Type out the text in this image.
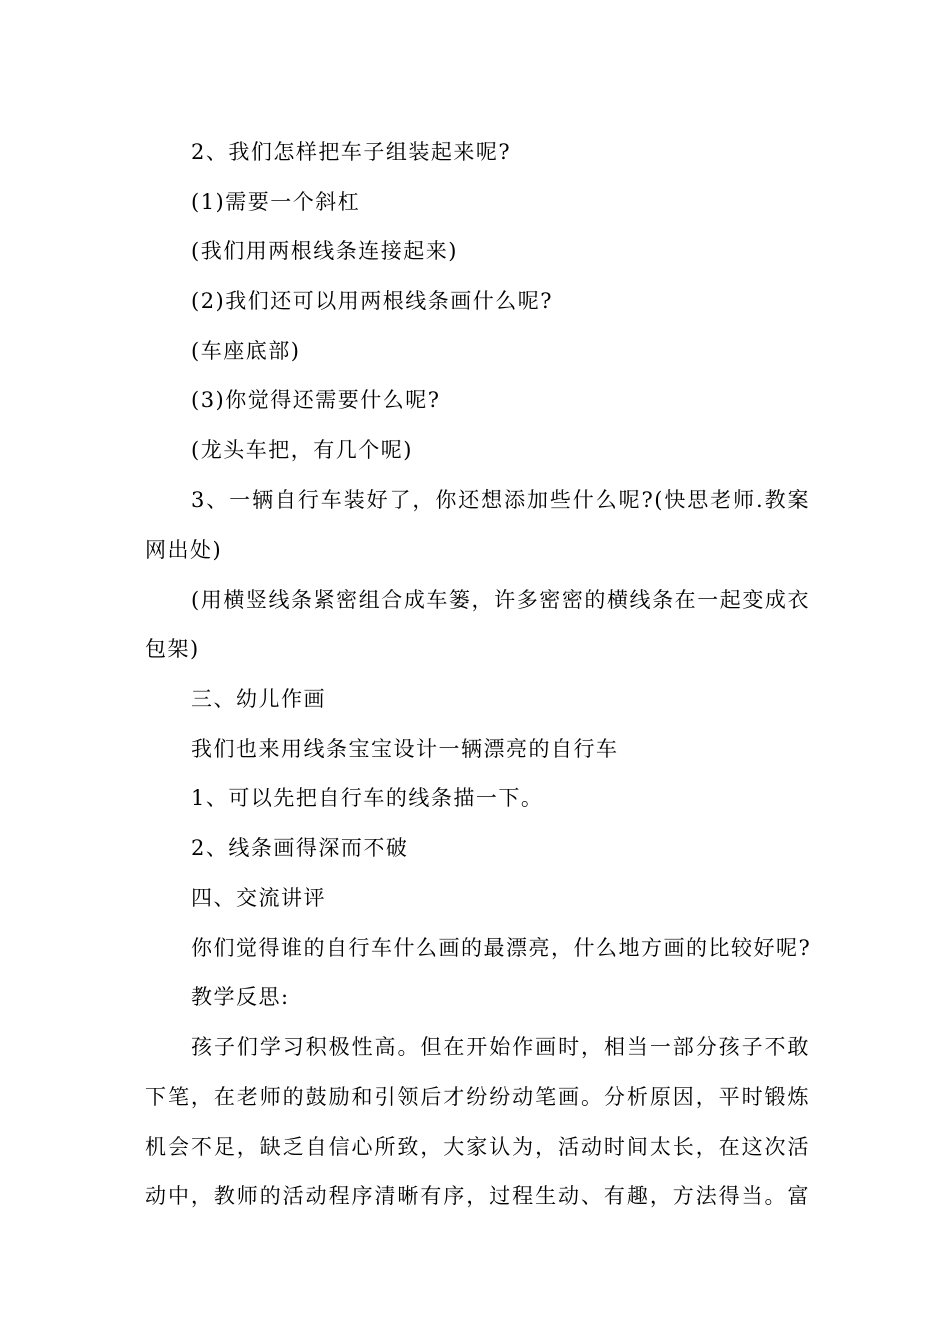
2、我们怎样把车子组装起来呢?
(1)需要一个斜杠
(我们用两根线条连接起来)
(2)我们还可以用两根线条画什么呢?
(车座底部)
(3)你觉得还需要什么呢?
(龙头车把，有几个呢)
3、一辆自行车装好了，你还想添加些什么呢?(快思老师.教案
网出处)
(用横竖线条紧密组合成车篓，许多密密的横线条在一起变成衣
包架)
三、幼儿作画
我们也来用线条宝宝设计一辆漂亮的自行车
1、可以先把自行车的线条描一下。
2、线条画得深而不破
四、交流讲评
你们觉得谁的自行车什么画的最漂亮，什么地方画的比较好呢?
教学反思:
孩子们学习积极性高。但在开始作画时，相当一部分孩子不敢
下笔，在老师的鼓励和引领后才纷纷动笔画。分析原因，平时锻炼
机会不足，缺乏自信心所致，大家认为，活动时间太长，在这次活
动中，教师的活动程序清晰有序，过程生动、有趣，方法得当。富
